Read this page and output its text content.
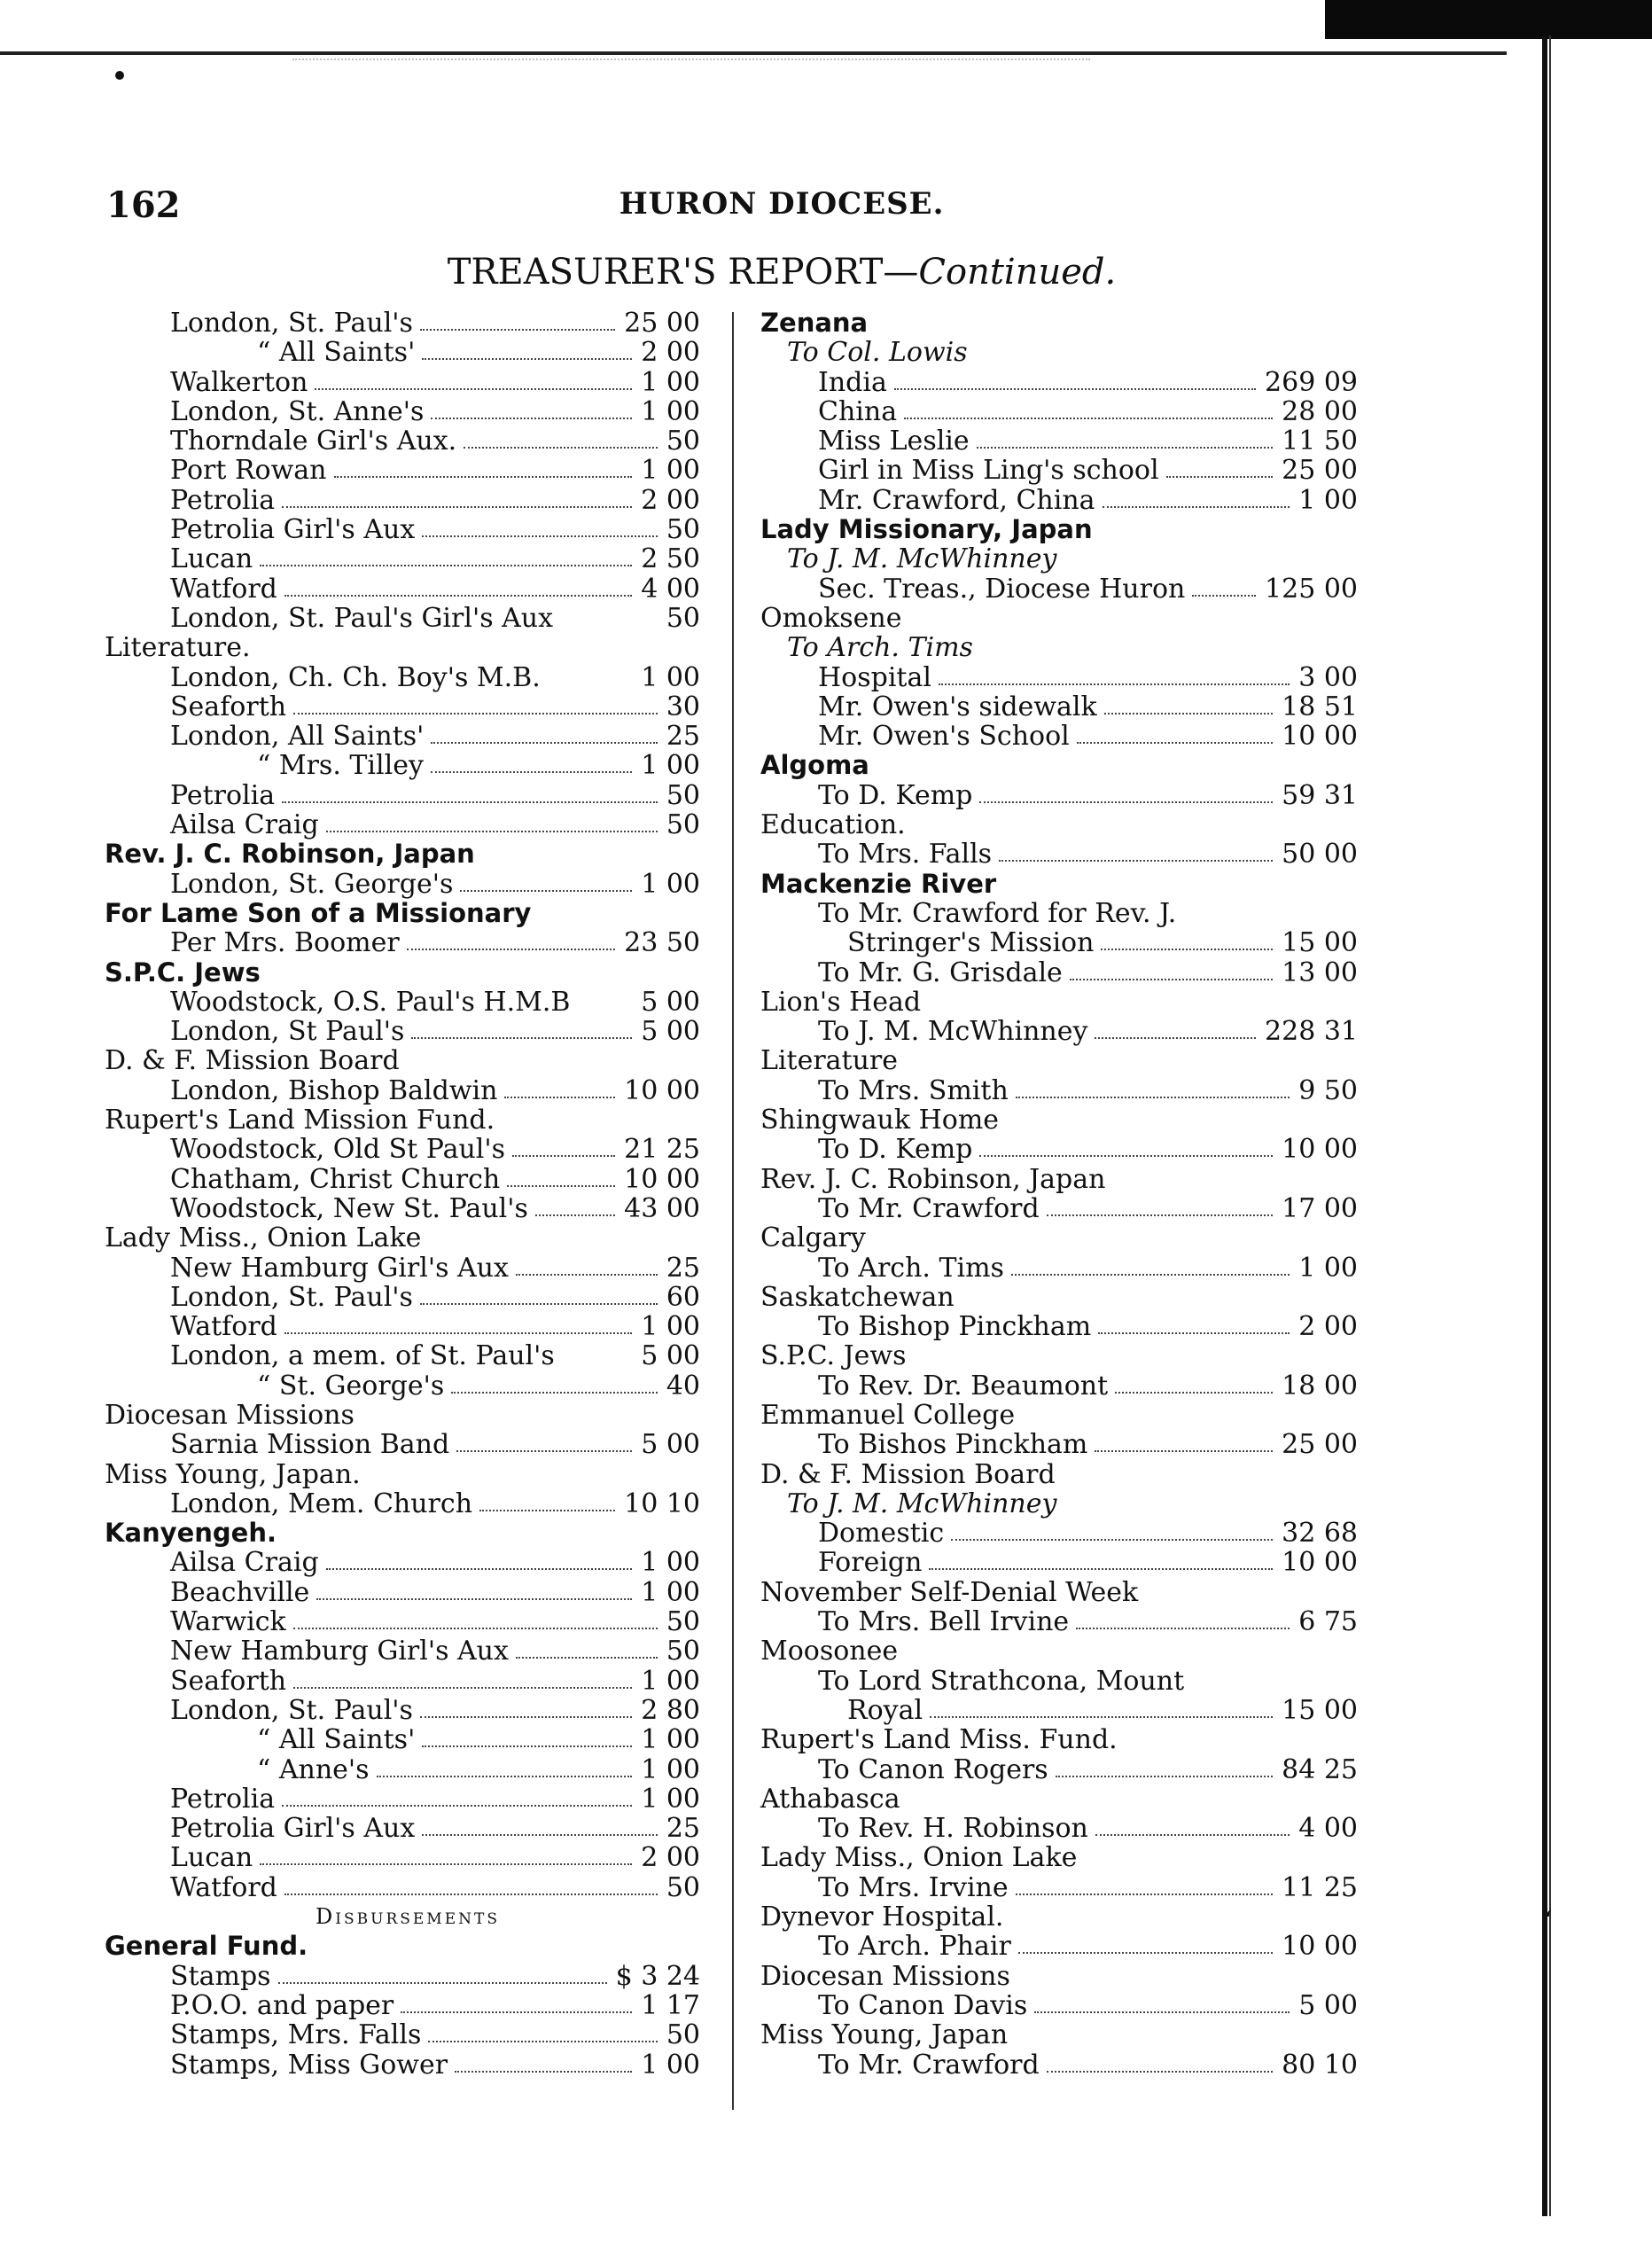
162	HURON DIOCESE.
TREASURER'S REPORT—Continued.
London, St. Paul's	25 00
“ All Saints'	2 00
Walkerton	1 00
London, St. Anne's	1 00
Thorndale Girl's Aux.	50
Port Rowan	1 00
Petrolia	2 00
Petrolia Girl's Aux	50
Lucan	2 50
Watford	4 00
London, St. Paul's Girl's Aux	50
Literature.
London, Ch. Ch. Boy's M.B.	1 00
Seaforth	30
London, All Saints'	25
“ Mrs. Tilley	1 00
Petrolia	50
Ailsa Craig	50
Rev. J. C. Robinson, Japan
London, St. George's	1 00
For Lame Son of a Missionary
Per Mrs. Boomer	23 50
S.P.C. Jews
Woodstock, O.S. Paul's H.M.B	5 00
London, St Paul's	5 00
D. & F. Mission Board
London, Bishop Baldwin	10 00
Rupert's Land Mission Fund.
Woodstock, Old St Paul's	21 25
Chatham, Christ Church	10 00
Woodstock, New St. Paul's	43 00
Lady Miss., Onion Lake
New Hamburg Girl's Aux	25
London, St. Paul's	60
Watford	1 00
London, a mem. of St. Paul's	5 00
“ St. George's	40
Diocesan Missions
Sarnia Mission Band	5 00
Miss Young, Japan.
London, Mem. Church	10 10
Kanyengeh.
Ailsa Craig	1 00
Beachville	1 00
Warwick	50
New Hamburg Girl's Aux	50
Seaforth	1 00
London, St. Paul's	2 80
“ All Saints'	1 00
“ Anne's	1 00
Petrolia	1 00
Petrolia Girl's Aux	25
Lucan	2 00
Watford	50
Disbursements
General Fund.
Stamps	$ 3 24
P.O.O. and paper	1 17
Stamps, Mrs. Falls	50
Stamps, Miss Gower	1 00
Zenana
To Col. Lowis
India	269 09
China	28 00
Miss Leslie	11 50
Girl in Miss Ling's school	25 00
Mr. Crawford, China	1 00
Lady Missionary, Japan
To J. M. McWhinney
Sec. Treas., Diocese Huron	125 00
Omoksene
To Arch. Tims
Hospital	3 00
Mr. Owen's sidewalk	18 51
Mr. Owen's School	10 00
Algoma
To D. Kemp	59 31
Education.
To Mrs. Falls	50 00
Mackenzie River
To Mr. Crawford for Rev. J.
Stringer's Mission	15 00
To Mr. G. Grisdale	13 00
Lion's Head
To J. M. McWhinney	228 31
Literature
To Mrs. Smith	9 50
Shingwauk Home
To D. Kemp	10 00
Rev. J. C. Robinson, Japan
To Mr. Crawford	17 00
Calgary
To Arch. Tims	1 00
Saskatchewan
To Bishop Pinckham	2 00
S.P.C. Jews
To Rev. Dr. Beaumont	18 00
Emmanuel College
To Bishos Pinckham	25 00
D. & F. Mission Board
To J. M. McWhinney
Domestic	32 68
Foreign	10 00
November Self-Denial Week
To Mrs. Bell Irvine	6 75
Moosonee
To Lord Strathcona, Mount
Royal	15 00
Rupert's Land Miss. Fund.
To Canon Rogers	84 25
Athabasca
To Rev. H. Robinson	4 00
Lady Miss., Onion Lake
To Mrs. Irvine	11 25
Dynevor Hospital.
To Arch. Phair	10 00
Diocesan Missions
To Canon Davis	5 00
Miss Young, Japan
To Mr. Crawford	80 10
‘
